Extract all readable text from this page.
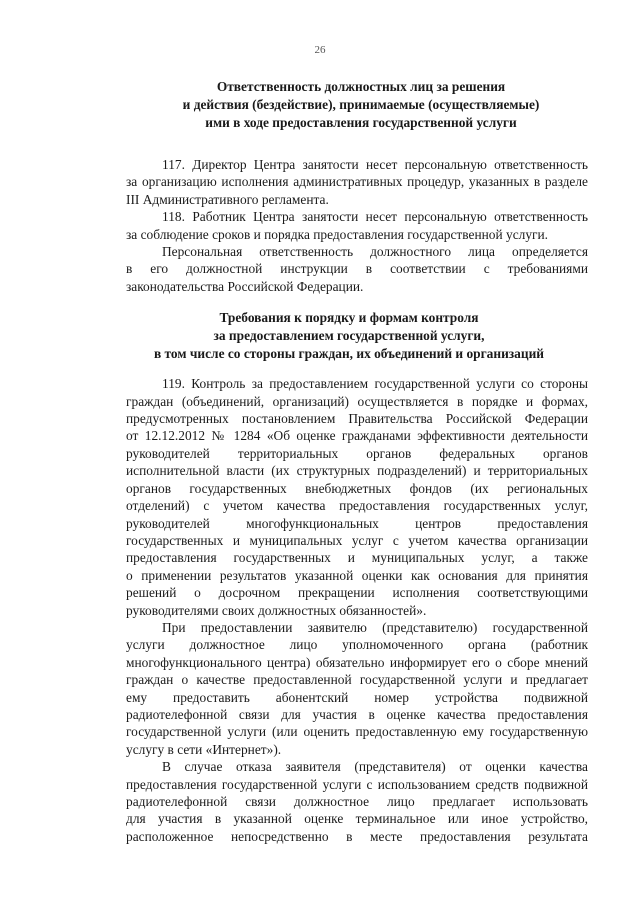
26
Ответственность должностных лиц за решения
и действия (бездействие), принимаемые (осуществляемые)
ими в ходе предоставления государственной услуги
117. Директор Центра занятости несет персональную ответственность
за организацию исполнения административных процедур, указанных в разделе
III Административного регламента.
118. Работник Центра занятости несет персональную ответственность
за соблюдение сроков и порядка предоставления государственной услуги.
Персональная ответственность должностного лица определяется
в его должностной инструкции в соответствии с требованиями
законодательства Российской Федерации.
Требования к порядку и формам контроля
за предоставлением государственной услуги,
в том числе со стороны граждан, их объединений и организаций
119. Контроль за предоставлением государственной услуги со стороны
граждан (объединений, организаций) осуществляется в порядке и формах,
предусмотренных постановлением Правительства Российской Федерации
от 12.12.2012 № 1284 «Об оценке гражданами эффективности деятельности
руководителей территориальных органов федеральных органов
исполнительной власти (их структурных подразделений) и территориальных
органов государственных внебюджетных фондов (их региональных
отделений) с учетом качества предоставления государственных услуг,
руководителей многофункциональных центров предоставления
государственных и муниципальных услуг с учетом качества организации
предоставления государственных и муниципальных услуг, а также
о применении результатов указанной оценки как основания для принятия
решений о досрочном прекращении исполнения соответствующими
руководителями своих должностных обязанностей».
При предоставлении заявителю (представителю) государственной
услуги должностное лицо уполномоченного органа (работник
многофункционального центра) обязательно информирует его о сборе мнений
граждан о качестве предоставленной государственной услуги и предлагает
ему предоставить абонентский номер устройства подвижной
радиотелефонной связи для участия в оценке качества предоставления
государственной услуги (или оценить предоставленную ему государственную
услугу в сети «Интернет»).
В случае отказа заявителя (представителя) от оценки качества
предоставления государственной услуги с использованием средств подвижной
радиотелефонной связи должностное лицо предлагает использовать
для участия в указанной оценке терминальное или иное устройство,
расположенное непосредственно в месте предоставления результата
